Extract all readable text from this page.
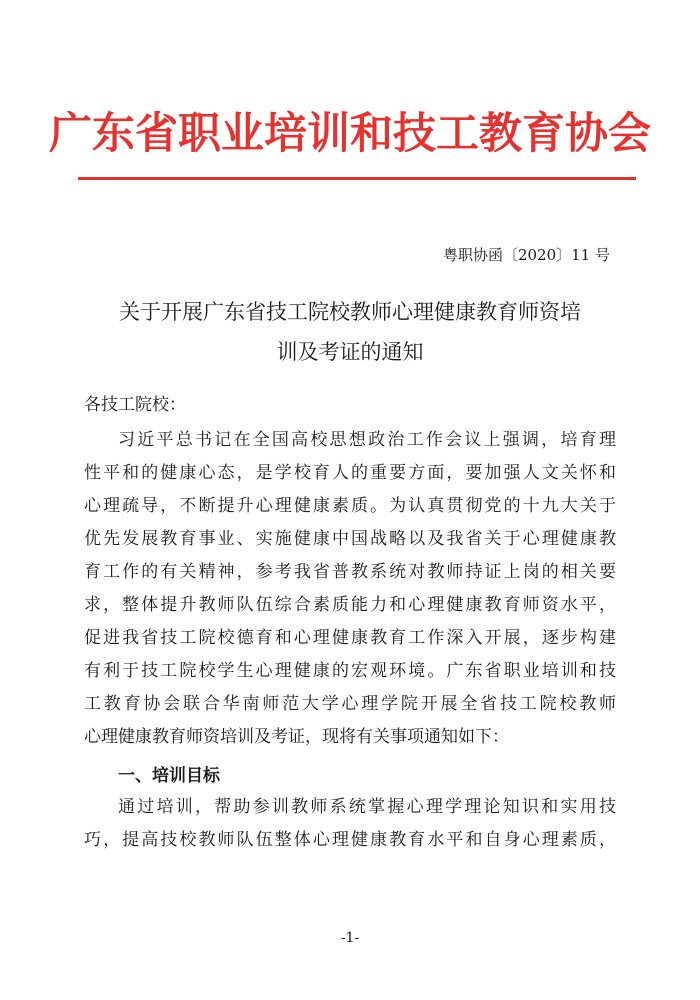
广东省职业培训和技工教育协会
粤职协函〔2020〕11 号
关于开展广东省技工院校教师心理健康教育师资培
训及考证的通知
各技工院校：
习近平总书记在全国高校思想政治工作会议上强调，培育理
性平和的健康心态，是学校育人的重要方面，要加强人文关怀和
心理疏导，不断提升心理健康素质。为认真贯彻党的十九大关于
优先发展教育事业、实施健康中国战略以及我省关于心理健康教
育工作的有关精神，参考我省普教系统对教师持证上岗的相关要
求，整体提升教师队伍综合素质能力和心理健康教育师资水平，
促进我省技工院校德育和心理健康教育工作深入开展，逐步构建
有利于技工院校学生心理健康的宏观环境。广东省职业培训和技
工教育协会联合华南师范大学心理学院开展全省技工院校教师
心理健康教育师资培训及考证，现将有关事项通知如下：
一、培训目标
通过培训，帮助参训教师系统掌握心理学理论知识和实用技
巧，提高技校教师队伍整体心理健康教育水平和自身心理素质，
-1-
